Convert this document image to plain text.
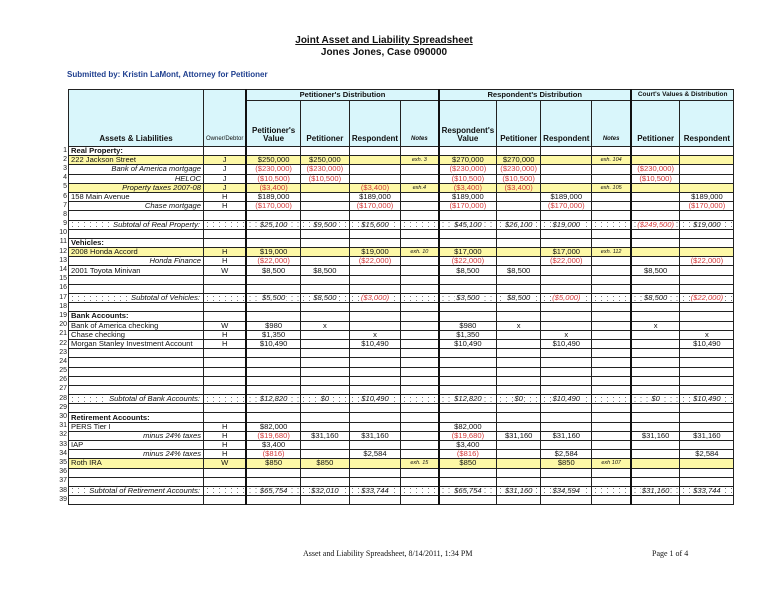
Joint Asset and Liability Spreadsheet
Jones Jones, Case 090000
Submitted by: Kristin LaMont, Attorney for Petitioner
Assets & Liabilities	Owner/Debtor	Petitioner's Distribution				Respondent's Distribution				Court's Values & Distribution	
		Petitioner's Value	Petitioner	Respondent	Notes	Respondent's Value	Petitioner	Respondent	Notes	Petitioner	Respondent
Real Property:											
222 Jackson Street	J	$250,000	$250,000		exh. 3	$270,000	$270,000		exh. 104		
Bank of America mortgage	J	($230,000)	($230,000)			($230,000)	($230,000)			($230,000)	
HELOC	J	($10,500)	($10,500)			($10,500)	($10,500)			($10,500)	
Property taxes 2007-08	J	($3,400)		($3,400)	exh.4	($3,400)	($3,400)		exh. 105		
158 Main Avenue	H	$189,000		$189,000		$189,000		$189,000			$189,000
Chase mortgage	H	($170,000)		($170,000)		($170,000)		($170,000)			($170,000)

Subtotal of Real Property:		$25,100	$9,500	$15,600		$45,100	$26,100	$19,000		($249,500)	$19,000

Vehicles:											
2008 Honda Accord	H	$19,000		$19,000	exh. 10	$17,000		$17,000	exh. 112		
Honda Finance	H	($22,000)		($22,000)		($22,000)		($22,000)			($22,000)
2001 Toyota Minivan	W	$8,500	$8,500			$8,500	$8,500			$8,500	

Subtotal of Vehicles:		$5,500	$8,500	($3,000)		$3,500	$8,500	($5,000)		$8,500	($22,000)

Bank Accounts:											
Bank of America checking	W	$980	x			$980	x			x	
Chase checking	H	$1,350		x		$1,350		x			x
Morgan Stanley Investment Account	H	$10,490		$10,490		$10,490		$10,490			$10,490

Subtotal of Bank Accounts:		$12,820	$0	$10,490		$12,820	$0	$10,490		$0	$10,490

Retirement Accounts:											
PERS Tier I	H	$82,000				$82,000					
minus 24% taxes	H	($19,680)	$31,160	$31,160		($19,680)	$31,160	$31,160		$31,160	$31,160
IAP	H	$3,400				$3,400					
minus 24% taxes	H	($816)		$2,584		($816)		$2,584			$2,584
Roth IRA	W	$850	$850		exh. 15	$850		$850	exh 107		

Subtotal of Retirement Accounts:		$65,754	$32,010	$33,744		$65,754	$31,160	$34,594		$31,160	$33,744

1
2
3
4
5
6
7
8
9
10
11
12
13
14
15
16
17
18
19
20
21
22
23
24
25
26
27
28
29
30
31
32
33
34
35
36
37
38
39
Asset and Liability Spreadsheet, 8/14/2011, 1:34 PM	Page 1 of 4
